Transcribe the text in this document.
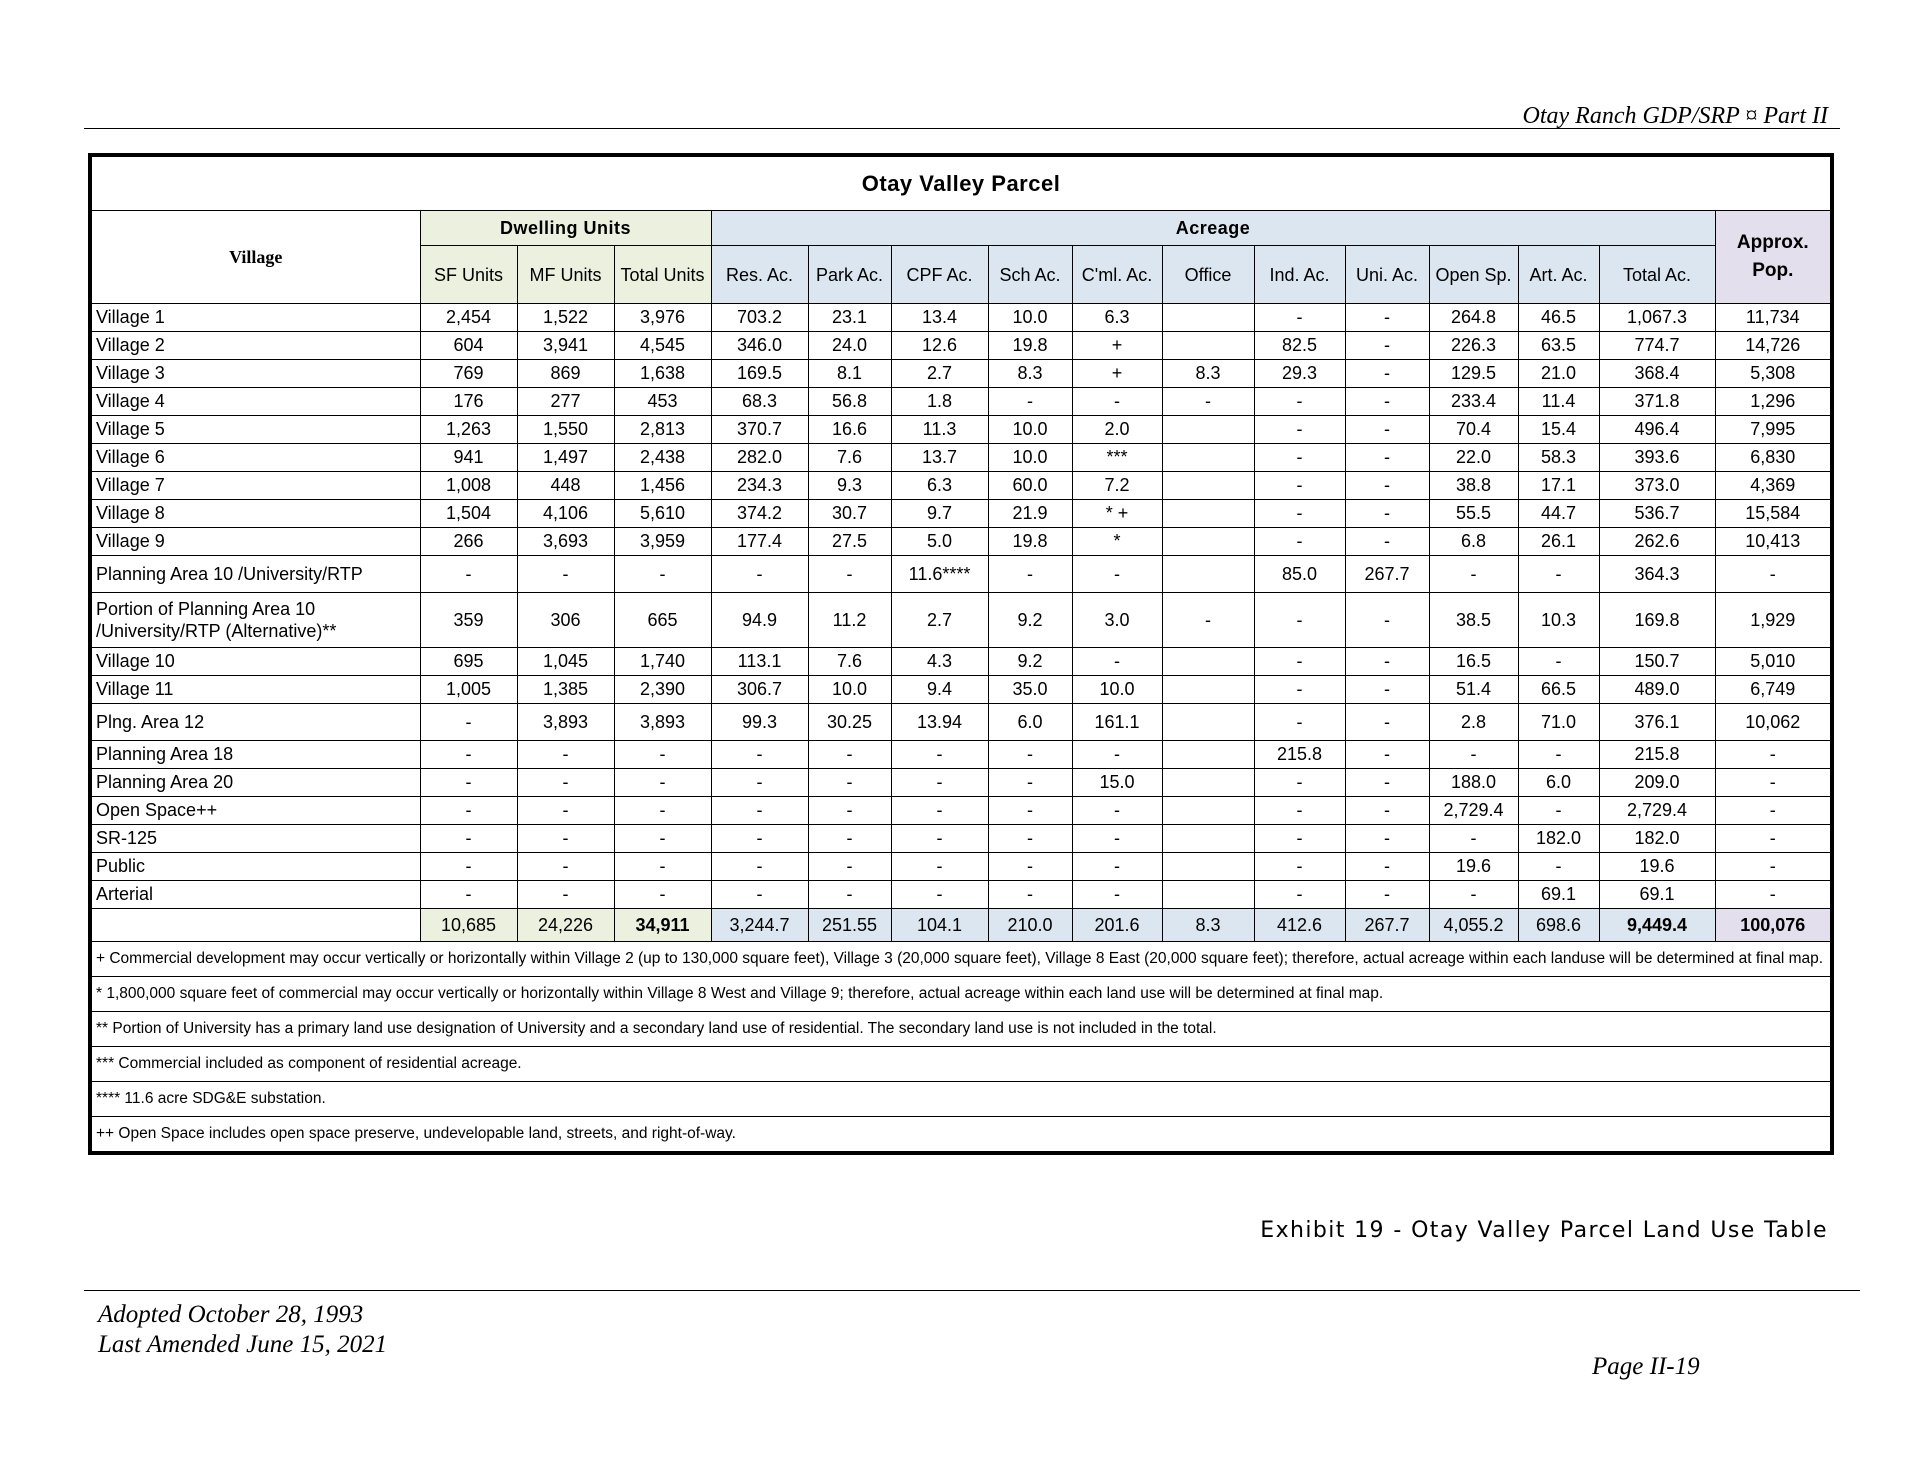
Otay Ranch GDP/SRP ¤ Part II
Otay Valley Parcel															
Village	Dwelling Units			Acreage											Approx. Pop.
	SF Units	MF Units	Total Units	Res. Ac.	Park Ac.	CPF Ac.	Sch Ac.	C'ml. Ac.	Office	Ind. Ac.	Uni. Ac.	Open Sp.	Art. Ac.	Total Ac.	
Village 1	2,454	1,522	3,976	703.2	23.1	13.4	10.0	6.3		-	-	264.8	46.5	1,067.3	11,734
Village 2	604	3,941	4,545	346.0	24.0	12.6	19.8	+		82.5	-	226.3	63.5	774.7	14,726
Village 3	769	869	1,638	169.5	8.1	2.7	8.3	+	8.3	29.3	-	129.5	21.0	368.4	5,308
Village 4	176	277	453	68.3	56.8	1.8	-	-	-	-	-	233.4	11.4	371.8	1,296
Village 5	1,263	1,550	2,813	370.7	16.6	11.3	10.0	2.0		-	-	70.4	15.4	496.4	7,995
Village 6	941	1,497	2,438	282.0	7.6	13.7	10.0	***		-	-	22.0	58.3	393.6	6,830
Village 7	1,008	448	1,456	234.3	9.3	6.3	60.0	7.2		-	-	38.8	17.1	373.0	4,369
Village 8	1,504	4,106	5,610	374.2	30.7	9.7	21.9	* +		-	-	55.5	44.7	536.7	15,584
Village 9	266	3,693	3,959	177.4	27.5	5.0	19.8	*		-	-	6.8	26.1	262.6	10,413
Planning Area 10 /University/RTP	-	-	-	-	-	11.6****	-	-		85.0	267.7	-	-	364.3	-
Portion of Planning Area 10 /University/RTP (Alternative)**	359	306	665	94.9	11.2	2.7	9.2	3.0	-	-	-	38.5	10.3	169.8	1,929
Village 10	695	1,045	1,740	113.1	7.6	4.3	9.2	-		-	-	16.5	-	150.7	5,010
Village 11	1,005	1,385	2,390	306.7	10.0	9.4	35.0	10.0		-	-	51.4	66.5	489.0	6,749
Plng. Area 12	-	3,893	3,893	99.3	30.25	13.94	6.0	161.1		-	-	2.8	71.0	376.1	10,062
Planning Area 18	-	-	-	-	-	-	-	-		215.8	-	-	-	215.8	-
Planning Area 20	-	-	-	-	-	-	-	15.0		-	-	188.0	6.0	209.0	-
Open Space++	-	-	-	-	-	-	-	-		-	-	2,729.4	-	2,729.4	-
SR-125	-	-	-	-	-	-	-	-		-	-	-	182.0	182.0	-
Public	-	-	-	-	-	-	-	-		-	-	19.6	-	19.6	-
Arterial	-	-	-	-	-	-	-	-		-	-	-	69.1	69.1	-
	10,685	24,226	34,911	3,244.7	251.55	104.1	210.0	201.6	8.3	412.6	267.7	4,055.2	698.6	9,449.4	100,076
+ Commercial development may occur vertically or horizontally within Village 2 (up to 130,000 square feet), Village 3 (20,000 square feet), Village 8 East (20,000 square feet); therefore, actual acreage within each landuse will be determined at final map.															
* 1,800,000 square feet of commercial may occur vertically or horizontally within Village 8 West and Village 9; therefore, actual acreage within each land use will be determined at final map.															
** Portion of University has a primary land use designation of University and a secondary land use of residential. The secondary land use is not included in the total.															
*** Commercial included as component of residential acreage.															
**** 11.6 acre SDG&E substation.															
++ Open Space includes open space preserve, undevelopable land, streets, and right-of-way.															
Exhibit 19 - Otay Valley Parcel Land Use Table
Adopted October 28, 1993
Last Amended June 15, 2021
Page II-19
